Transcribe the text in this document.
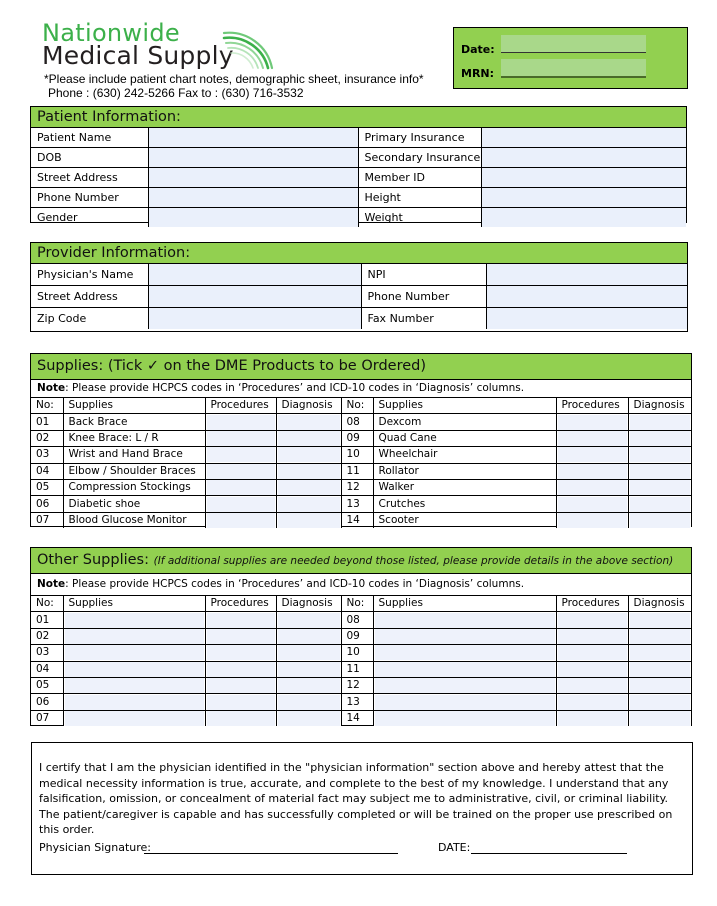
Nationwide
Medical Supply
*Please include patient chart notes, demographic sheet, insurance info*
Phone : (630) 242-5266 Fax to : (630) 716-3532
Date:
MRN:
Patient Information:
Patient Name		Primary Insurance	
DOB		Secondary Insurance	
Street Address		Member ID	
Phone Number		Height	
Gender		Weight	
Provider Information:
Physician's Name		NPI	
Street Address		Phone Number	
Zip Code		Fax Number	
Supplies: (Tick ✓ on the DME Products to be Ordered)
Note: Please provide HCPCS codes in ‘Procedures’ and ICD-10 codes in ‘Diagnosis’ columns.
No:	Supplies	Procedures	Diagnosis	No:	Supplies	Procedures	Diagnosis
01	Back Brace			08	Dexcom	

02	Knee Brace: L / R			09	Quad Cane	

03	Wrist and Hand Brace			10	Wheelchair	

04	Elbow / Shoulder Braces			11	Rollator	

05	Compression Stockings			12	Walker	

06	Diabetic shoe			13	Crutches	

07	Blood Glucose Monitor			14	Scooter	

Other Supplies: (If additional supplies are needed beyond those listed, please provide details in the above section)
Note: Please provide HCPCS codes in ‘Procedures’ and ICD-10 codes in ‘Diagnosis’ columns.
No:	Supplies	Procedures	Diagnosis	No:	Supplies	Procedures	Diagnosis
01				08	

02				09	

03				10	

04				11	

05				12	

06				13	

07				14	

I certify that I am the physician identified in the "physician information" section above and hereby attest that the medical necessity information is true, accurate, and complete to the best of my knowledge. I understand that any falsification, omission, or concealment of material fact may subject me to administrative, civil, or criminal liability. The patient/caregiver is capable and has successfully completed or will be trained on the proper use prescribed on this order.
Physician Signature:	DATE:
